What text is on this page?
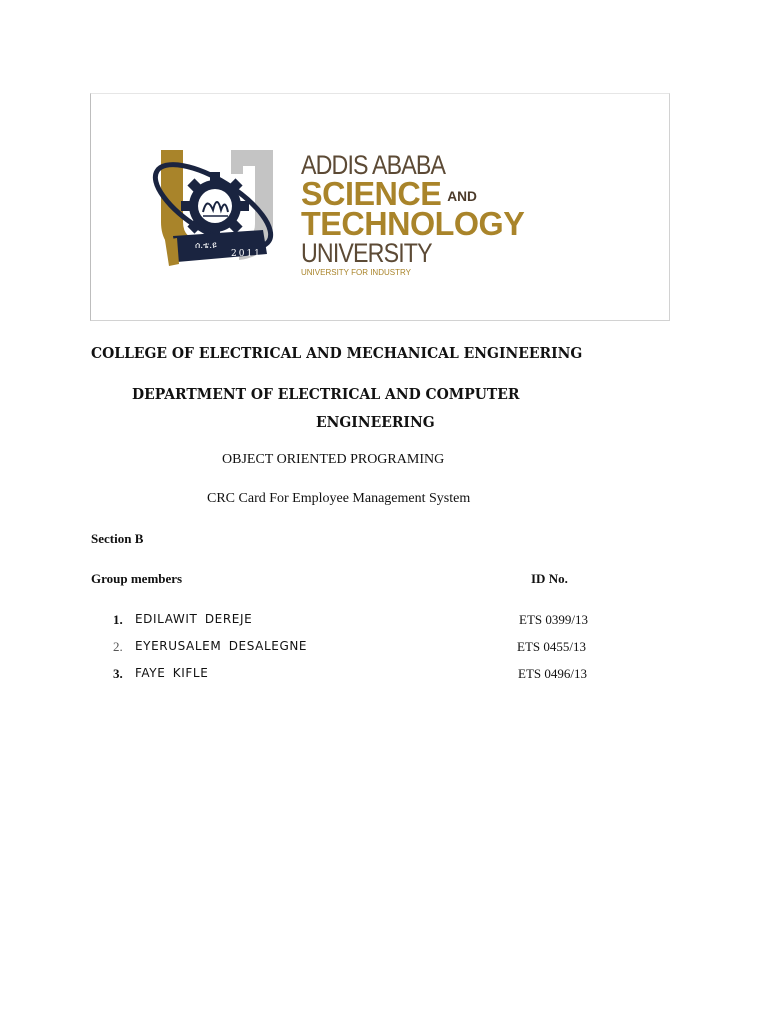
ሰ.ቴ.ዩ
2011
ADDIS ABABA
SCIENCE AND
TECHNOLOGY
UNIVERSITY
UNIVERSITY FOR INDUSTRY
COLLEGE OF ELECTRICAL AND MECHANICAL ENGINEERING
DEPARTMENT OF ELECTRICAL AND COMPUTER
ENGINEERING
OBJECT ORIENTED PROGRAMING
CRC Card For Employee Management System
Section B
Group members	ID No.
1. EDILAWIT DEREJE	ETS 0399/13
2. EYERUSALEM DESALEGNE	ETS 0455/13
3. FAYE KIFLE	ETS 0496/13
